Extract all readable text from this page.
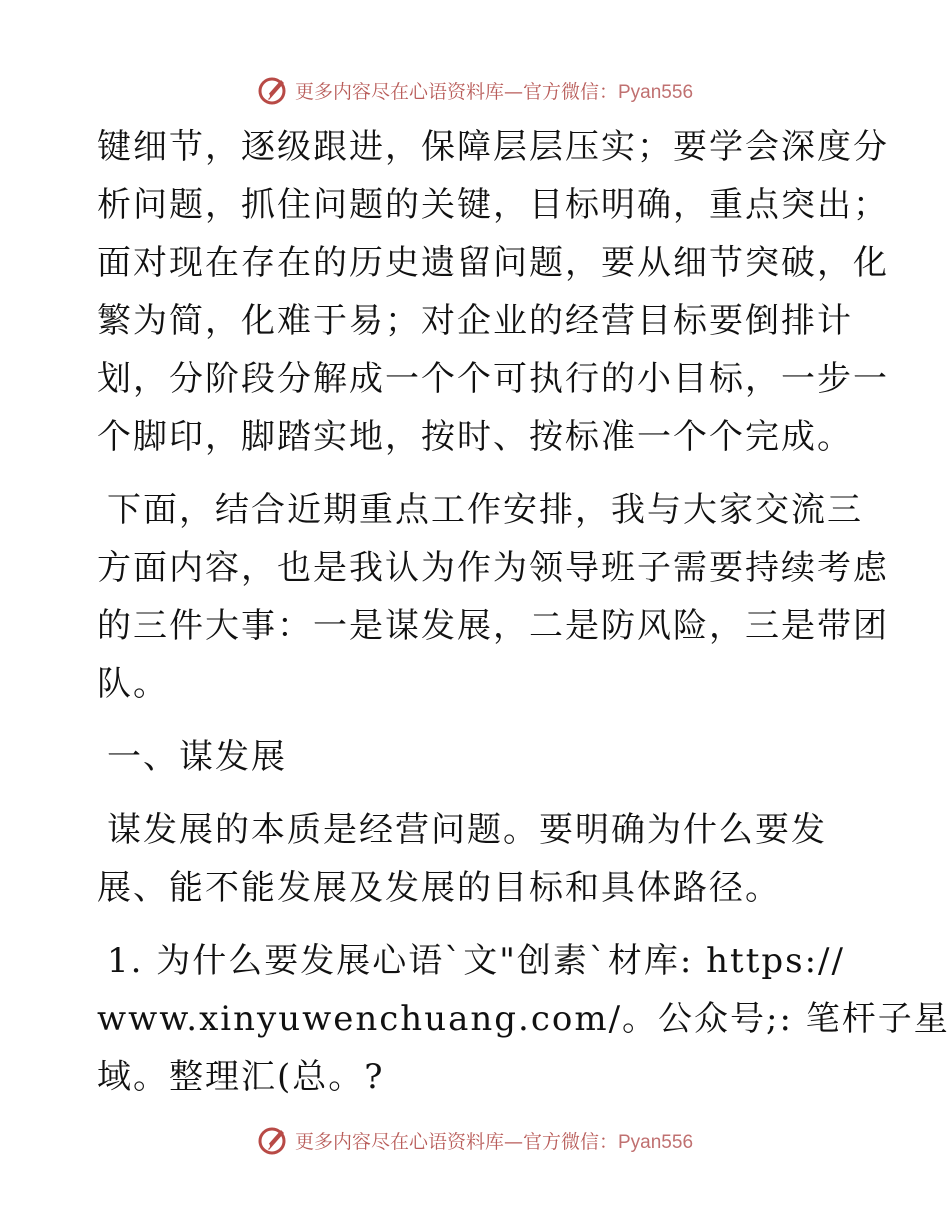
更多内容尽在心语资料库—官方微信：Pyan556
键细节，逐级跟进，保障层层压实；要学会深度分
析问题，抓住问题的关键，目标明确，重点突出；
面对现在存在的历史遗留问题，要从细节突破，化
繁为简，化难于易；对企业的经营目标要倒排计
划，分阶段分解成一个个可执行的小目标，一步一
个脚印，脚踏实地，按时、按标准一个个完成。
下面，结合近期重点工作安排，我与大家交流三
方面内容，也是我认为作为领导班子需要持续考虑
的三件大事：一是谋发展，二是防风险，三是带团
队。
一、谋发展
谋发展的本质是经营问题。要明确为什么要发
展、能不能发展及发展的目标和具体路径。
1. 为什么要发展心语`文"创素`材库: https://
www.xinyuwenchuang.com/。公众号;: 笔杆子星
域。整理汇(总。?
更多内容尽在心语资料库—官方微信：Pyan556
